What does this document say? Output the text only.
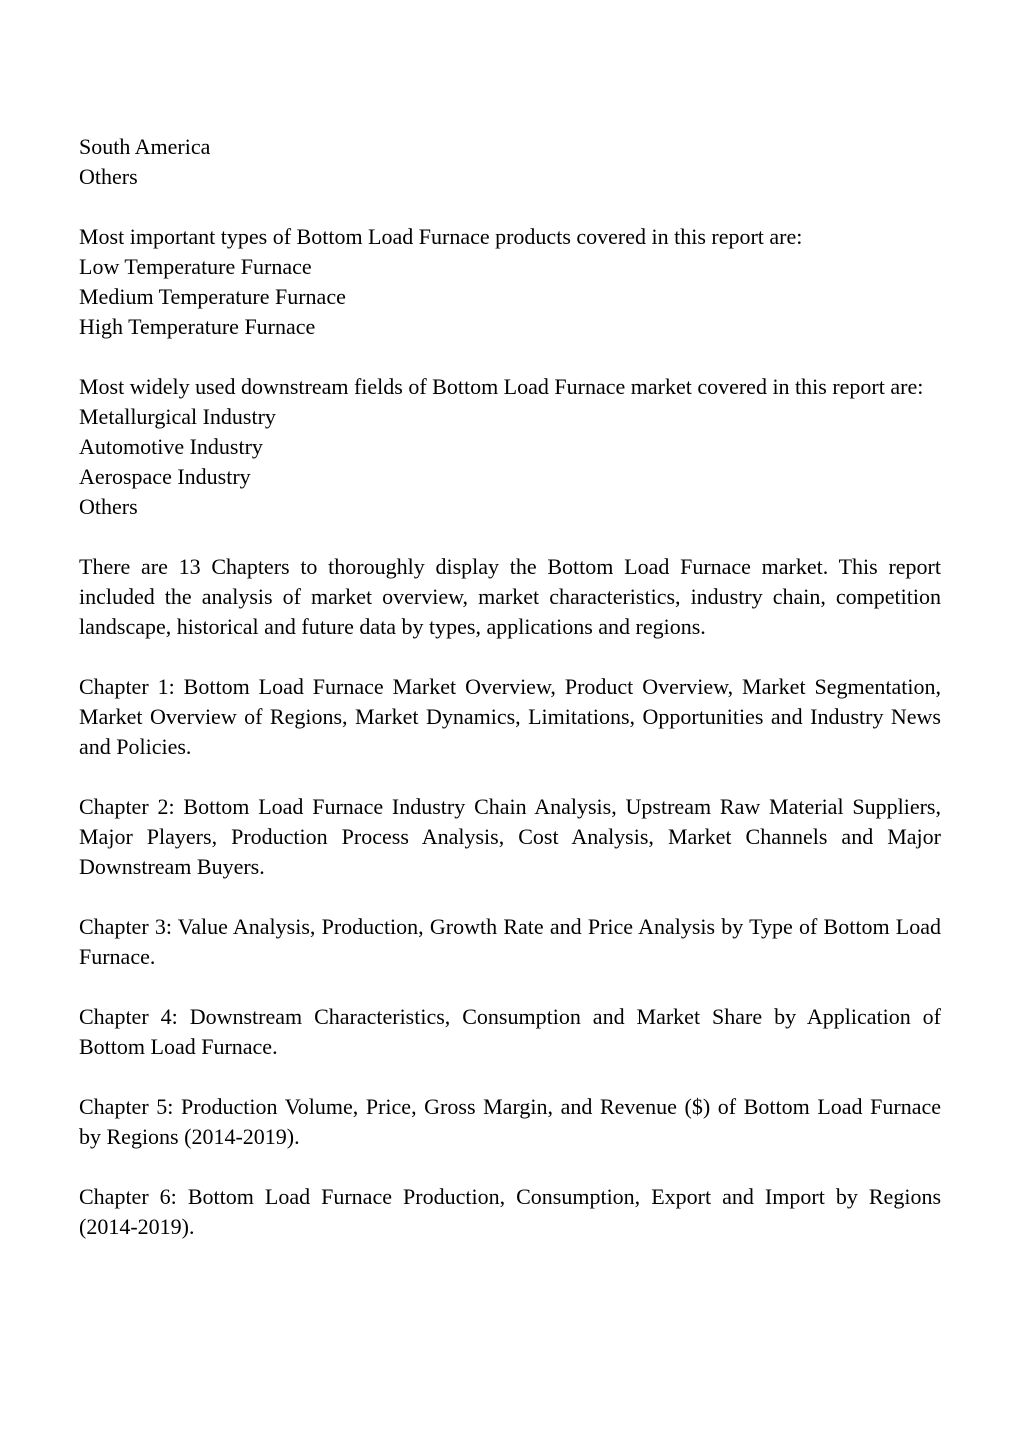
South America
Others
Most important types of Bottom Load Furnace products covered in this report are:
Low Temperature Furnace
Medium Temperature Furnace
High Temperature Furnace

Most widely used downstream fields of Bottom Load Furnace market covered in this report are:

Metallurgical Industry
Automotive Industry
Aerospace Industry
Others

There are 13 Chapters to thoroughly display the Bottom Load Furnace market. This report included the analysis of market overview, market characteristics, industry chain, competition landscape, historical and future data by types, applications and regions.

Chapter 1: Bottom Load Furnace Market Overview, Product Overview, Market Segmentation, Market Overview of Regions, Market Dynamics, Limitations, Opportunities and Industry News and Policies.

Chapter 2: Bottom Load Furnace Industry Chain Analysis, Upstream Raw Material Suppliers, Major Players, Production Process Analysis, Cost Analysis, Market Channels and Major Downstream Buyers.

Chapter 3: Value Analysis, Production, Growth Rate and Price Analysis by Type of Bottom Load Furnace.

Chapter 4: Downstream Characteristics, Consumption and Market Share by Application of Bottom Load Furnace.

Chapter 5: Production Volume, Price, Gross Margin, and Revenue ($) of Bottom Load Furnace by Regions (2014-2019).

Chapter 6: Bottom Load Furnace Production, Consumption, Export and Import by Regions (2014-2019).
